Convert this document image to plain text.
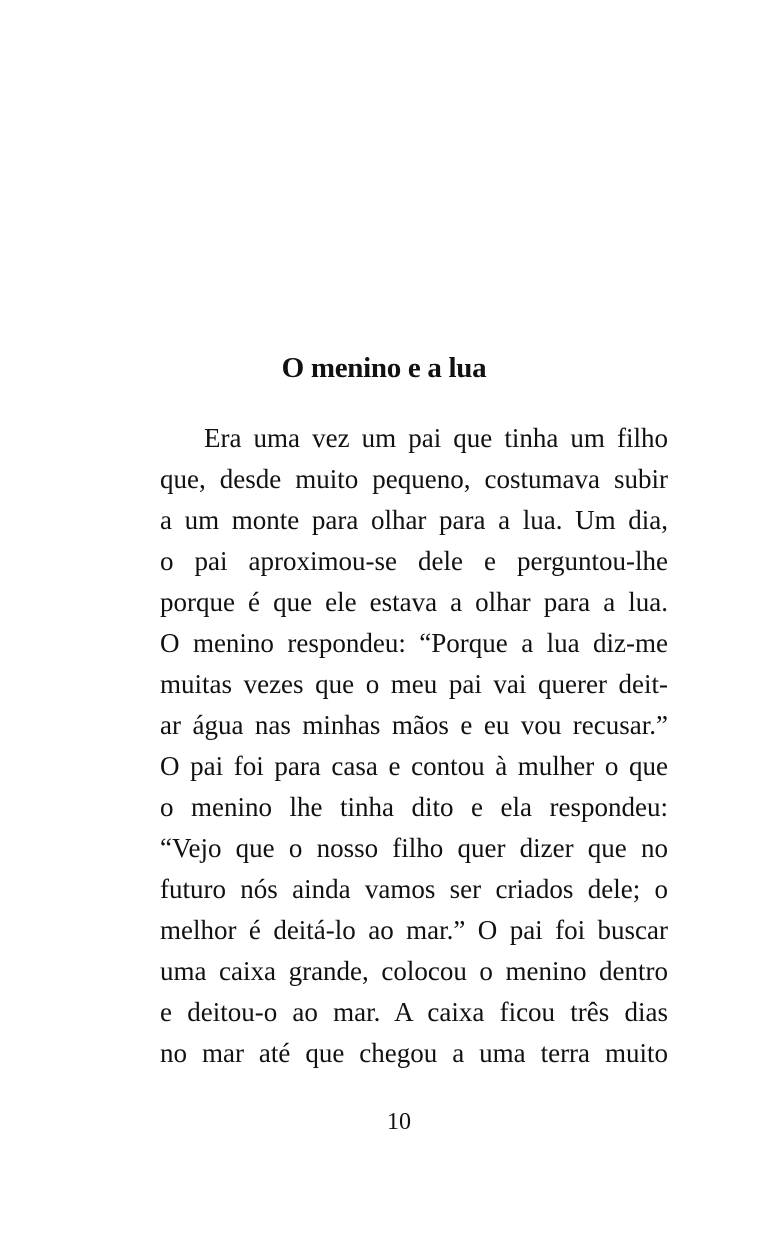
O menino e a lua
Era uma vez um pai que tinha um filho
que, desde muito pequeno, costumava subir
a um monte para olhar para a lua. Um dia,
o pai aproximou-se dele e perguntou-lhe
porque é que ele estava a olhar para a lua.
O menino respondeu: “Porque a lua diz-me
muitas vezes que o meu pai vai querer deit-
ar água nas minhas mãos e eu vou recusar.”
O pai foi para casa e contou à mulher o que
o menino lhe tinha dito e ela respondeu:
“Vejo que o nosso filho quer dizer que no
futuro nós ainda vamos ser criados dele; o
melhor é deitá-lo ao mar.” O pai foi buscar
uma caixa grande, colocou o menino dentro
e deitou-o ao mar. A caixa ficou três dias
no mar até que chegou a uma terra muito
10
